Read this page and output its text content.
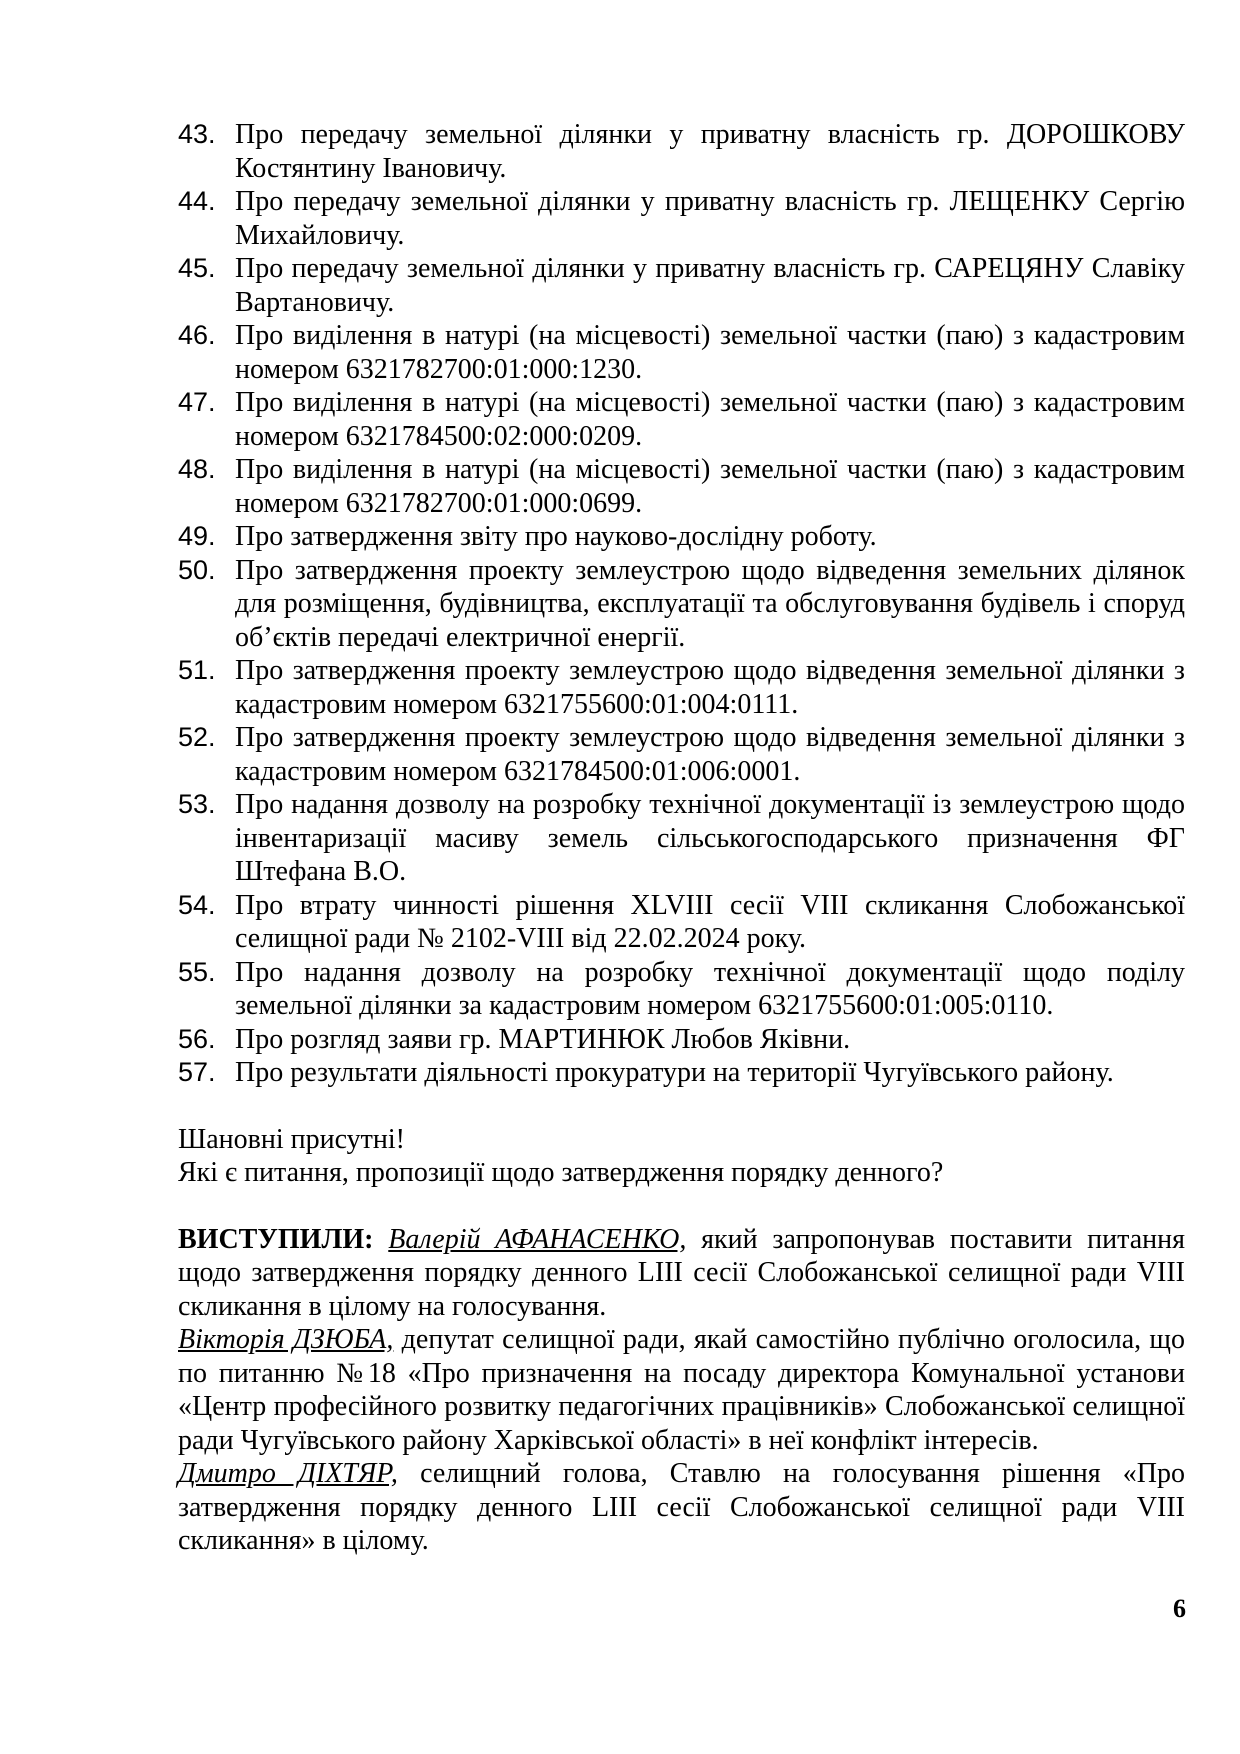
43. Про передачу земельної ділянки у приватну власність гр. ДОРОШКОВУ Костянтину Івановичу.
44. Про передачу земельної ділянки у приватну власність гр. ЛЕЩЕНКУ Сергію Михайловичу.
45. Про передачу земельної ділянки у приватну власність гр. САРЕЦЯНУ Славіку Вартановичу.
46. Про виділення в натурі (на місцевості) земельної частки (паю) з кадастровим номером 6321782700:01:000:1230.
47. Про виділення в натурі (на місцевості) земельної частки (паю) з кадастровим номером 6321784500:02:000:0209.
48. Про виділення в натурі (на місцевості) земельної частки (паю) з кадастровим номером 6321782700:01:000:0699.
49. Про затвердження звіту про науково-дослідну роботу.
50. Про затвердження проекту землеустрою щодо відведення земельних ділянок для розміщення, будівництва, експлуатації та обслуговування будівель і споруд об’єктів передачі електричної енергії.
51. Про затвердження проекту землеустрою щодо відведення земельної ділянки з кадастровим номером 6321755600:01:004:0111.
52. Про затвердження проекту землеустрою щодо відведення земельної ділянки з кадастровим номером 6321784500:01:006:0001.
53. Про надання дозволу на розробку технічної документації із землеустрою щодо інвентаризації масиву земель сільськогосподарського призначення ФГ Штефана В.О.
54. Про втрату чинності рішення XLVIII сесії VIII скликання Слобожанської селищної ради № 2102-VIII від 22.02.2024 року.
55. Про надання дозволу на розробку технічної документації щодо поділу земельної ділянки за кадастровим номером 6321755600:01:005:0110.
56. Про розгляд заяви гр. МАРТИНЮК Любов Яківни.
57. Про результати діяльності прокуратури на території Чугуївського району.
Шановні присутні!
Які є питання, пропозиції щодо затвердження порядку денного?

ВИСТУПИЛИ: Валерій АФАНАСЕНКО, який запропонував поставити питання щодо затвердження порядку денного LIII сесії Слобожанської селищної ради VIII скликання в цілому на голосування.

Вікторія ДЗЮБА, депутат селищної ради, якай самостійно публічно оголосила, що по питанню №18 «Про призначення на посаду директора Комунальної установи «Центр професійного розвитку педагогічних працівників» Слобожанської селищної ради Чугуївського району Харківської області» в неї конфлікт інтересів.

Дмитро ДІХТЯР, селищний голова, Ставлю на голосування рішення «Про затвердження порядку денного LIII сесії Слобожанської селищної ради VIII скликання» в цілому.

6
